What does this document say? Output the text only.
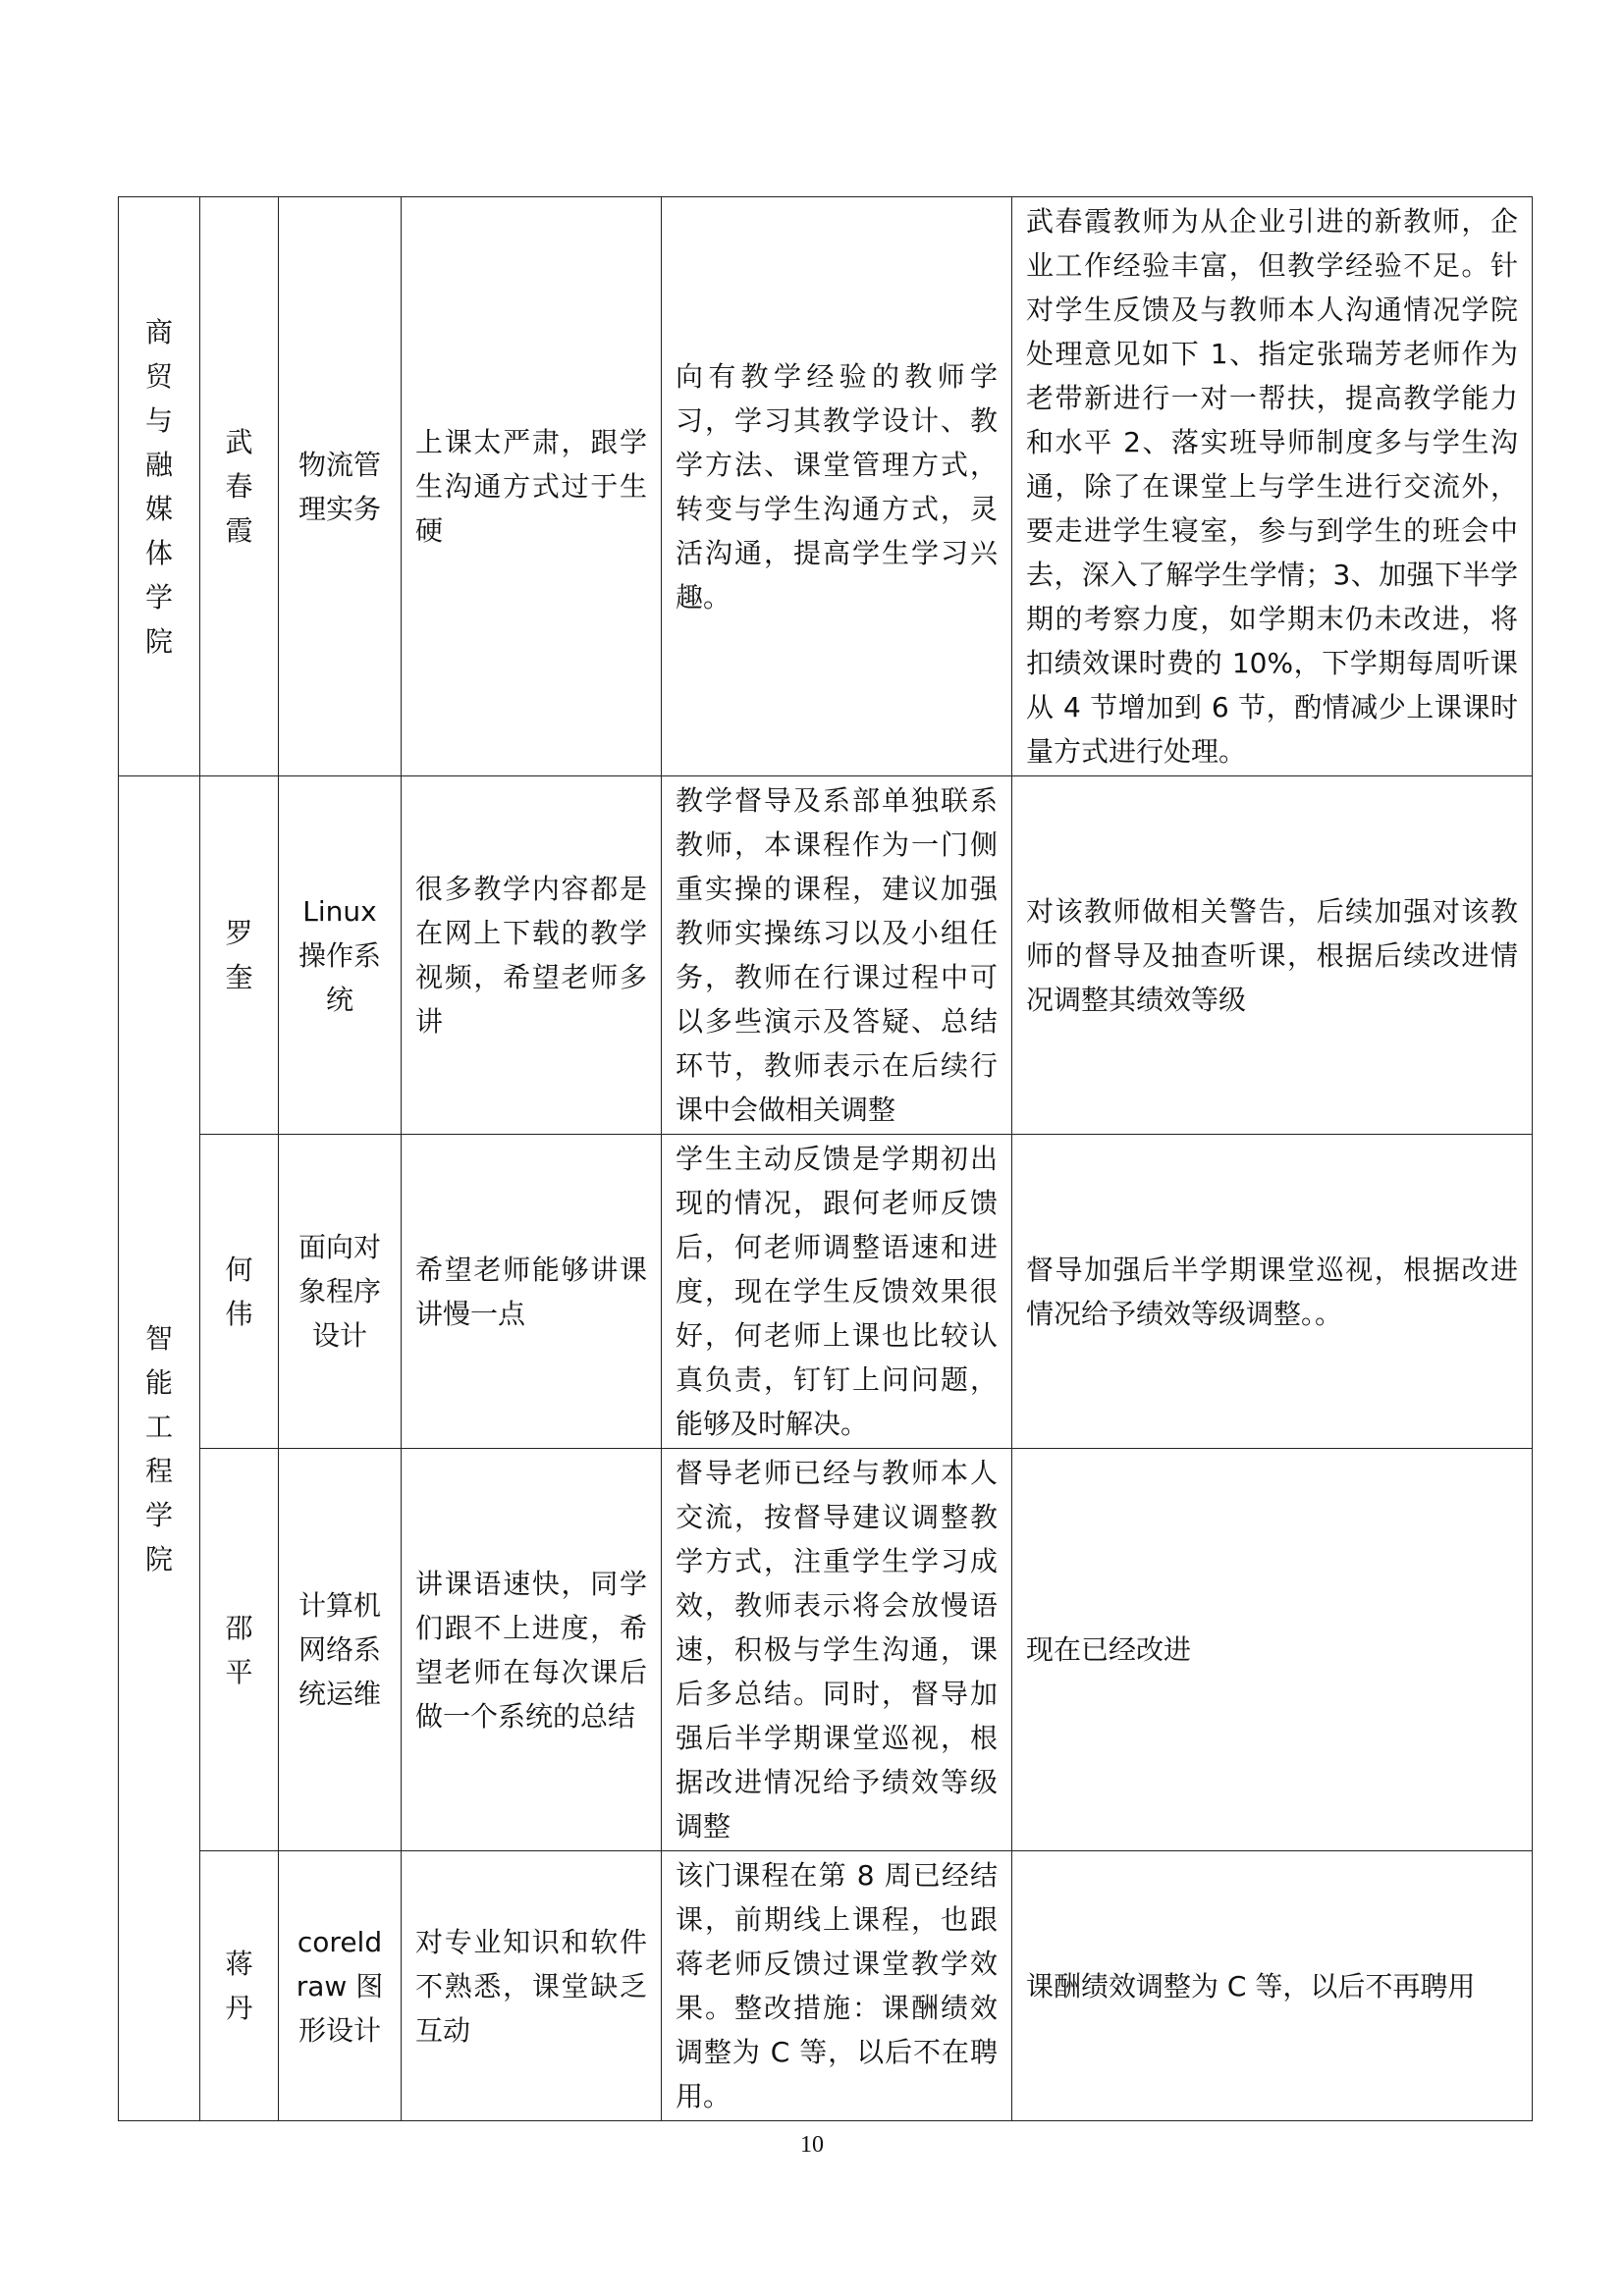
商贸与融媒体学院	武春霞	物流管理实务	上课太严肃，跟学生沟通方式过于生硬	向有教学经验的教师学习，学习其教学设计、教学方法、课堂管理方式，转变与学生沟通方式，灵活沟通，提高学生学习兴趣。	武春霞教师为从企业引进的新教师，企业工作经验丰富，但教学经验不足。针对学生反馈及与教师本人沟通情况学院处理意见如下 1、指定张瑞芳老师作为老带新进行一对一帮扶，提高教学能力和水平 2、落实班导师制度多与学生沟通，除了在课堂上与学生进行交流外，要走进学生寝室，参与到学生的班会中去，深入了解学生学情；3、加强下半学期的考察力度，如学期末仍未改进，将扣绩效课时费的 10%，下学期每周听课从 4 节增加到 6 节，酌情减少上课课时量方式进行处理。
智能工程学院	罗奎	Linux 操作系统	很多教学内容都是在网上下载的教学视频，希望老师多讲	教学督导及系部单独联系教师，本课程作为一门侧重实操的课程，建议加强教师实操练习以及小组任务，教师在行课过程中可以多些演示及答疑、总结环节，教师表示在后续行课中会做相关调整	对该教师做相关警告，后续加强对该教师的督导及抽查听课，根据后续改进情况调整其绩效等级
	何伟	面向对象程序设计	希望老师能够讲课讲慢一点	学生主动反馈是学期初出现的情况，跟何老师反馈后，何老师调整语速和进度，现在学生反馈效果很好，何老师上课也比较认真负责，钉钉上问问题，能够及时解决。	督导加强后半学期课堂巡视，根据改进情况给予绩效等级调整。。
	邵平	计算机网络系统运维	讲课语速快，同学们跟不上进度，希望老师在每次课后做一个系统的总结	督导老师已经与教师本人交流，按督导建议调整教学方式，注重学生学习成效，教师表示将会放慢语速，积极与学生沟通，课后多总结。同时，督导加强后半学期课堂巡视，根据改进情况给予绩效等级调整	现在已经改进
	蒋丹	coreldraw 图形设计	对专业知识和软件不熟悉，课堂缺乏互动	该门课程在第 8 周已经结课，前期线上课程，也跟蒋老师反馈过课堂教学效果。整改措施：课酬绩效调整为 C 等，以后不在聘用。	课酬绩效调整为 C 等，以后不再聘用
10
